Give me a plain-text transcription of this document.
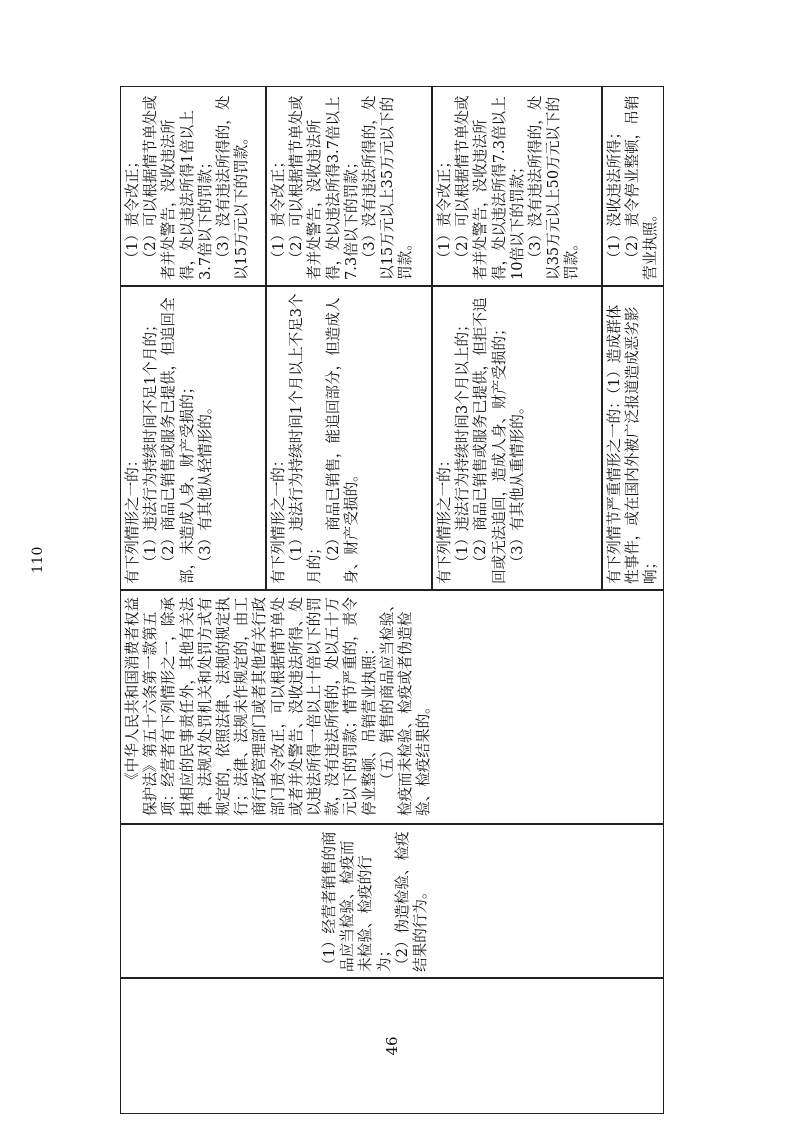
46

（1）经营者销售的商品应当检验、检疫而未检验、检疫的行为； （2）伪造检验、检疫结果的行为。

《中华人民共和国消费者权益保护法》第五十六条第一款第五项：经营者有下列情形之一，除承担相应的民事责任外，其他有关法律、法规对处罚机关和处罚方式有规定的，依照法律、法规的规定执行；法律、法规未作规定的，由工商行政管理部门或者其他有关行政部门责令改正，可以根据情节单处或者并处警告、没收违法所得、处以违法所得一倍以上十倍以下的罚款，没有违法所得的，处以五十万元以下的罚款；情节严重的，责令停业整顿、吊销营业执照： （五）销售的商品应当检验、检疫而未检验、检疫或者伪造检验、检疫结果的。

有下列情形之一的： （1）违法行为持续时间不足1个月的； （2）商品已销售或服务已提供，但追回全部，未造成人身、财产受损的； （3）有其他从轻情形的。

（1）责令改正； （2）可以根据情节单处或者并处警告，没收违法所得，处以违法所得1倍以上3.7倍以下的罚款； （3）没有违法所得的，处以15万元以下的罚款。

有下列情形之一的： （1）违法行为持续时间1个月以上不足3个月的； （2）商品已销售，能追回部分，但造成人身、财产受损的。

（1）责令改正； （2）可以根据情节单处或者并处警告，没收违法所得，处以违法所得3.7倍以上7.3倍以下的罚款； （3）没有违法所得的，处以15万元以上35万元以下的罚款。

有下列情形之一的： （1）违法行为持续时间3个月以上的； （2）商品已销售或服务已提供，但拒不追回或无法追回，造成人身、财产受损的； （3）有其他从重情形的。

（1）责令改正； （2）可以根据情节单处或者并处警告，没收违法所得，处以违法所得7.3倍以上10倍以下的罚款； （3）没有违法所得的，处以35万元以上50万元以下的罚款。

有下列情节严重情形之一的：（1）造成群体性事件，或在国内外被广泛报道造成恶劣影响；

（1）没收违法所得； （2）责令停业整顿，吊销营业执照。

110
